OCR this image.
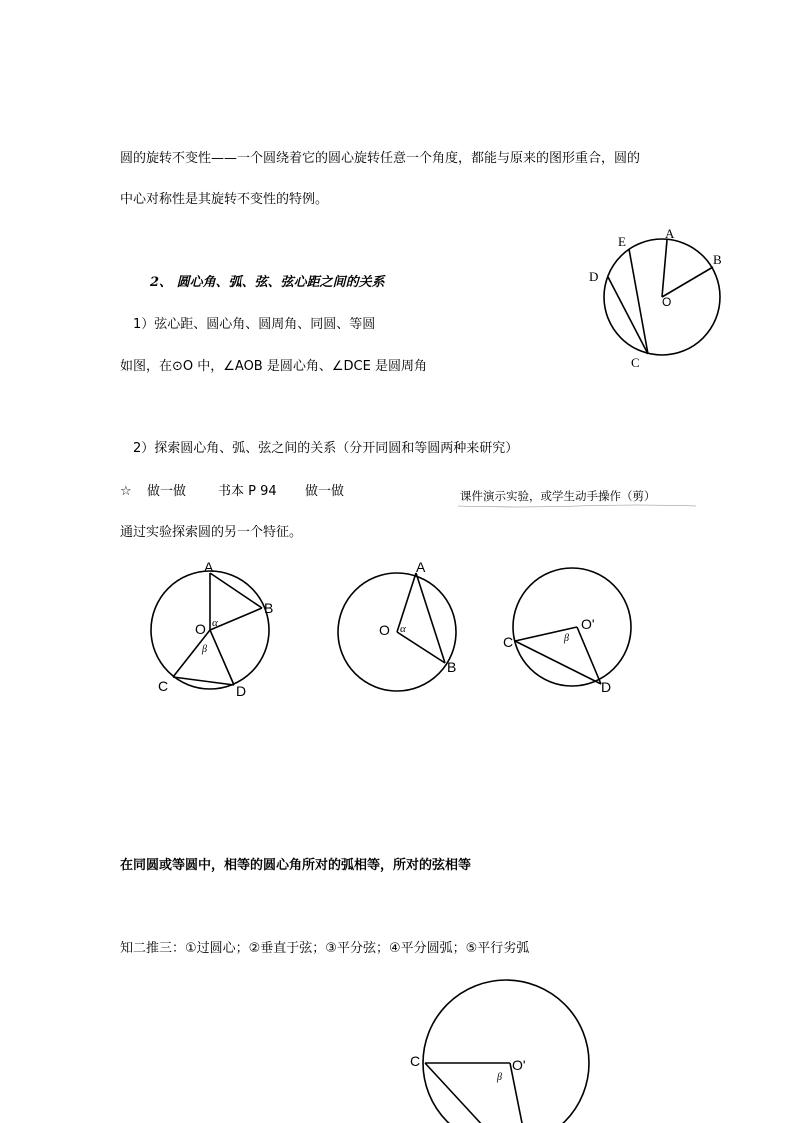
圆的旋转不变性——一个圆绕着它的圆心旋转任意一个角度，都能与原来的图形重合，圆的
中心对称性是其旋转不变性的特例。
2、 圆心角、弧、弦、弦心距之间的关系
1）弦心距、圆心角、圆周角、同圆、等圆
如图，在⊙O 中，∠AOB 是圆心角、∠DCE 是圆周角
2）探索圆心角、弧、弦之间的关系（分开同圆和等圆两种来研究）
☆ 做一做 书本 P 94 做一做	课件演示实验，或学生动手操作（剪）
通过实验探索圆的另一个特征。
在同圆或等圆中，相等的圆心角所对的弧相等，所对的弦相等
知二推三：①过圆心；②垂直于弦；③平分弦；④平分圆弧；⑤平行劣弧
A
B
E
D
O
C
A
B
O α
β
C	D
A
O α
B
O'
C	β
D
C	O'
β
